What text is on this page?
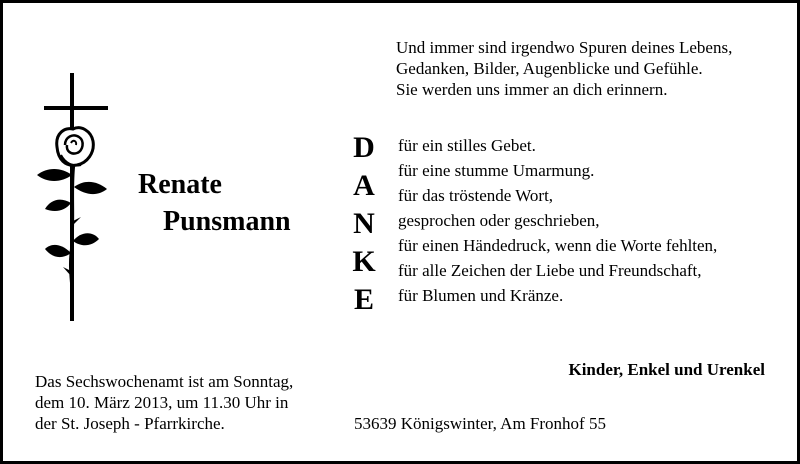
Und immer sind irgendwo Spuren deines Lebens,
Gedanken, Bilder, Augenblicke und Gefühle.
Sie werden uns immer an dich erinnern.

Renate
Punsmann
D
A
N
K
E
für ein stilles Gebet.
für eine stumme Umarmung.
für das tröstende Wort,
gesprochen oder geschrieben,
für einen Händedruck, wenn die Worte fehlten,
für alle Zeichen der Liebe und Freundschaft,
für Blumen und Kränze.

Das Sechswochenamt ist am Sonntag,
dem 10. März 2013, um 11.30 Uhr in
der St. Joseph - Pfarrkirche.

Kinder, Enkel und Urenkel
53639 Königswinter, Am Fronhof 55
